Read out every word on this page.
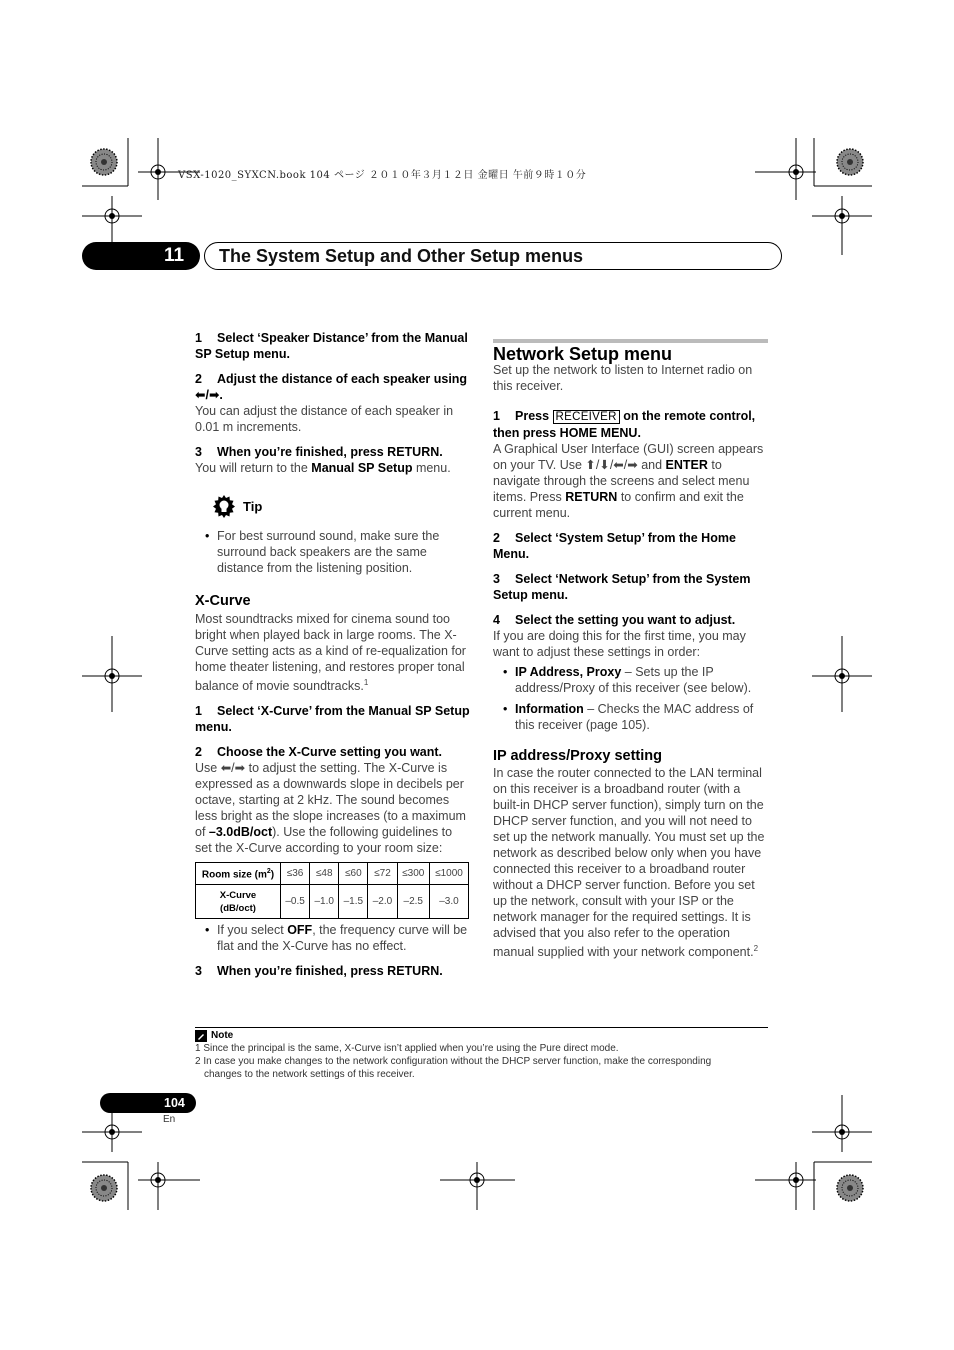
VSX-1020_SYXCN.book 104 ページ ２０１０年３月１２日 金曜日 午前９時１０分
11	The System Setup and Other Setup menus
1 Select ‘Speaker Distance’ from the Manual SP Setup menu.
2 Adjust the distance of each speaker using ⬅/➡.
You can adjust the distance of each speaker in 0.01 m increments.
3 When you’re finished, press RETURN.
You will return to the Manual SP Setup menu.
Tip
• For best surround sound, make sure the surround back speakers are the same distance from the listening position.
X-Curve
Most soundtracks mixed for cinema sound too bright when played back in large rooms. The X-Curve setting acts as a kind of re-equalization for home theater listening, and restores proper tonal balance of movie soundtracks.$^1$
1 Select ‘X-Curve’ from the Manual SP Setup menu.
2 Choose the X-Curve setting you want.
Use ⬅/➡ to adjust the setting. The X-Curve is expressed as a downwards slope in decibels per octave, starting at 2 kHz. The sound becomes less bright as the slope increases (to a maximum of –3.0dB/oct). Use the following guidelines to set the X-Curve according to your room size:
Room size $(m^2)$	≤36	≤48	≤60	≤72	≤300	≤1000

X-Curve
(dB/oct)	–0.5	–1.0	–1.5	–2.0	–2.5	–3.0
• If you select OFF, the frequency curve will be flat and the X-Curve has no effect.
3 When you’re finished, press RETURN.
Network Setup menu
Set up the network to listen to Internet radio on this receiver.
1 Press RECEIVER on the remote control, then press HOME MENU.
A Graphical User Interface (GUI) screen appears on your TV. Use ⬆/⬇/⬅/➡ and ENTER to navigate through the screens and select menu items. Press RETURN to confirm and exit the current menu.
2 Select ‘System Setup’ from the Home Menu.
3 Select ‘Network Setup’ from the System Setup menu.
4 Select the setting you want to adjust.
If you are doing this for the first time, you may want to adjust these settings in order:
• IP Address, Proxy – Sets up the IP address/Proxy of this receiver (see below).
• Information – Checks the MAC address of this receiver (page 105).
IP address/Proxy setting
In case the router connected to the LAN terminal on this receiver is a broadband router (with a built-in DHCP server function), simply turn on the DHCP server function, and you will not need to set up the network manually. You must set up the network as described below only when you have connected this receiver to a broadband router without a DHCP server function. Before you set up the network, consult with your ISP or the network manager for the required settings. It is advised that you also refer to the operation manual supplied with your network component.$^2$
Note
1 Since the principal is the same, X-Curve isn’t applied when you’re using the Pure direct mode.
2 In case you make changes to the network configuration without the DHCP server function, make the corresponding
changes to the network settings of this receiver.
104
En
